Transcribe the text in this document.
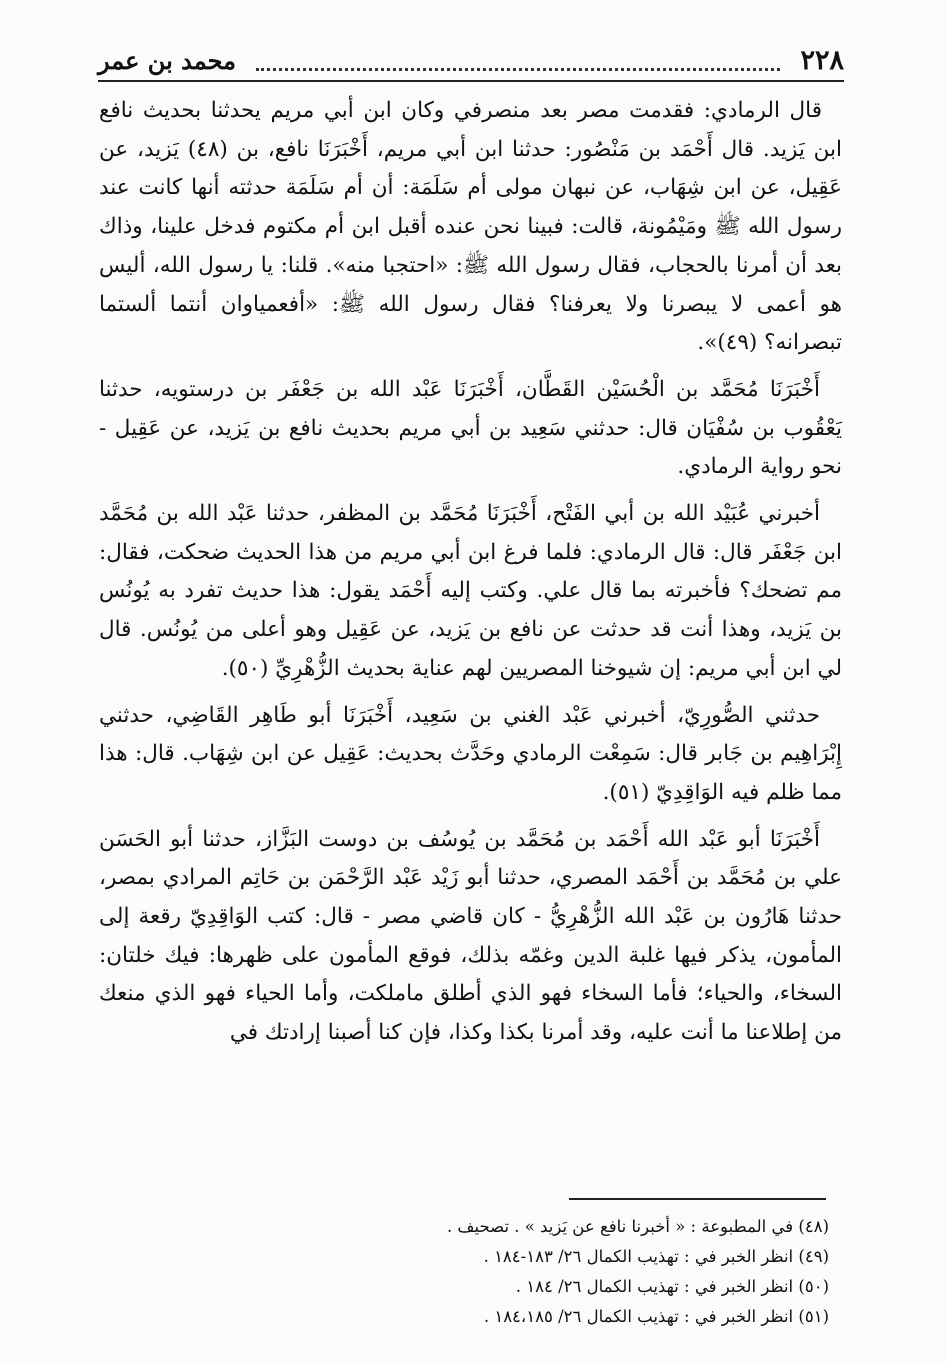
٢٢٨
محمد بن عمر

قال الرمادي: فقدمت مصر بعد منصرفي وكان ابن أبي مريم يحدثنا بحديث نافع ابن يَزيد. قال أَحْمَد بن مَنْصُور: حدثنا ابن أبي مريم، أَخْبَرَنَا نافع، بن (٤٨) يَزيد، عن عَقِيل، عن ابن شِهَاب، عن نبهان مولى أم سَلَمَة: أن أم سَلَمَة حدثته أنها كانت عند رسول الله ﷺ ومَيْمُونة، قالت: فبينا نحن عنده أقبل ابن أم مكتوم فدخل علينا، وذاك بعد أن أمرنا بالحجاب، فقال رسول الله ﷺ: «احتجبا منه». قلنا: يا رسول الله، أليس هو أعمى لا يبصرنا ولا يعرفنا؟ فقال رسول الله ﷺ: «أفعمياوان أنتما ألستما تبصرانه؟ (٤٩)».

أَخْبَرَنَا مُحَمَّد بن الْحُسَيْن القَطَّان، أَخْبَرَنَا عَبْد الله بن جَعْفَر بن درستويه، حدثنا يَعْقُوب بن سُفْيَان قال: حدثني سَعِيد بن أبي مريم بحديث نافع بن يَزيد، عن عَقِيل - نحو رواية الرمادي.

أخبرني عُبَيْد الله بن أبي الفَتْح، أَخْبَرَنَا مُحَمَّد بن المظفر، حدثنا عَبْد الله بن مُحَمَّد ابن جَعْفَر قال: قال الرمادي: فلما فرغ ابن أبي مريم من هذا الحديث ضحكت، فقال: مم تضحك؟ فأخبرته بما قال علي. وكتب إليه أَحْمَد يقول: هذا حديث تفرد به يُونُس بن يَزيد، وهذا أنت قد حدثت عن نافع بن يَزيد، عن عَقِيل وهو أعلى من يُونُس. قال لي ابن أبي مريم: إن شيوخنا المصريين لهم عناية بحديث الزُّهْرِيِّ (٥٠).

حدثني الصُّورِيّ، أخبرني عَبْد الغني بن سَعِيد، أَخْبَرَنَا أبو طَاهِر القَاضِي، حدثني إِبْرَاهِيم بن جَابر قال: سَمِعْت الرمادي وحَدَّث بحديث: عَقِيل عن ابن شِهَاب. قال: هذا مما ظلم فيه الوَاقِدِيّ (٥١).

أَخْبَرَنَا أبو عَبْد الله أَحْمَد بن مُحَمَّد بن يُوسُف بن دوست البَزَّاز، حدثنا أبو الحَسَن علي بن مُحَمَّد بن أَحْمَد المصري، حدثنا أبو زَيْد عَبْد الرَّحْمَن بن حَاتِم المرادي بمصر، حدثنا هَارُون بن عَبْد الله الزُّهْرِيُّ - كان قاضي مصر - قال: كتب الوَاقِدِيّ رقعة إلى المأمون، يذكر فيها غلبة الدين وغمّه بذلك، فوقع المأمون على ظهرها: فيك خلتان: السخاء، والحياء؛ فأما السخاء فهو الذي أطلق ماملكت، وأما الحياء فهو الذي منعك من إطلاعنا ما أنت عليه، وقد أمرنا بكذا وكذا، فإن كنا أصبنا إرادتك في

(٤٨) في المطبوعة : « أخبرنا نافع عن يَزيد » . تصحيف .
(٤٩) انظر الخبر في : تهذيب الكمال ٢٦/ ١٨٣-١٨٤ .
(٥٠) انظر الخبر في : تهذيب الكمال ٢٦/ ١٨٤ .
(٥١) انظر الخبر في : تهذيب الكمال ٢٦/ ١٨٤،١٨٥ .
